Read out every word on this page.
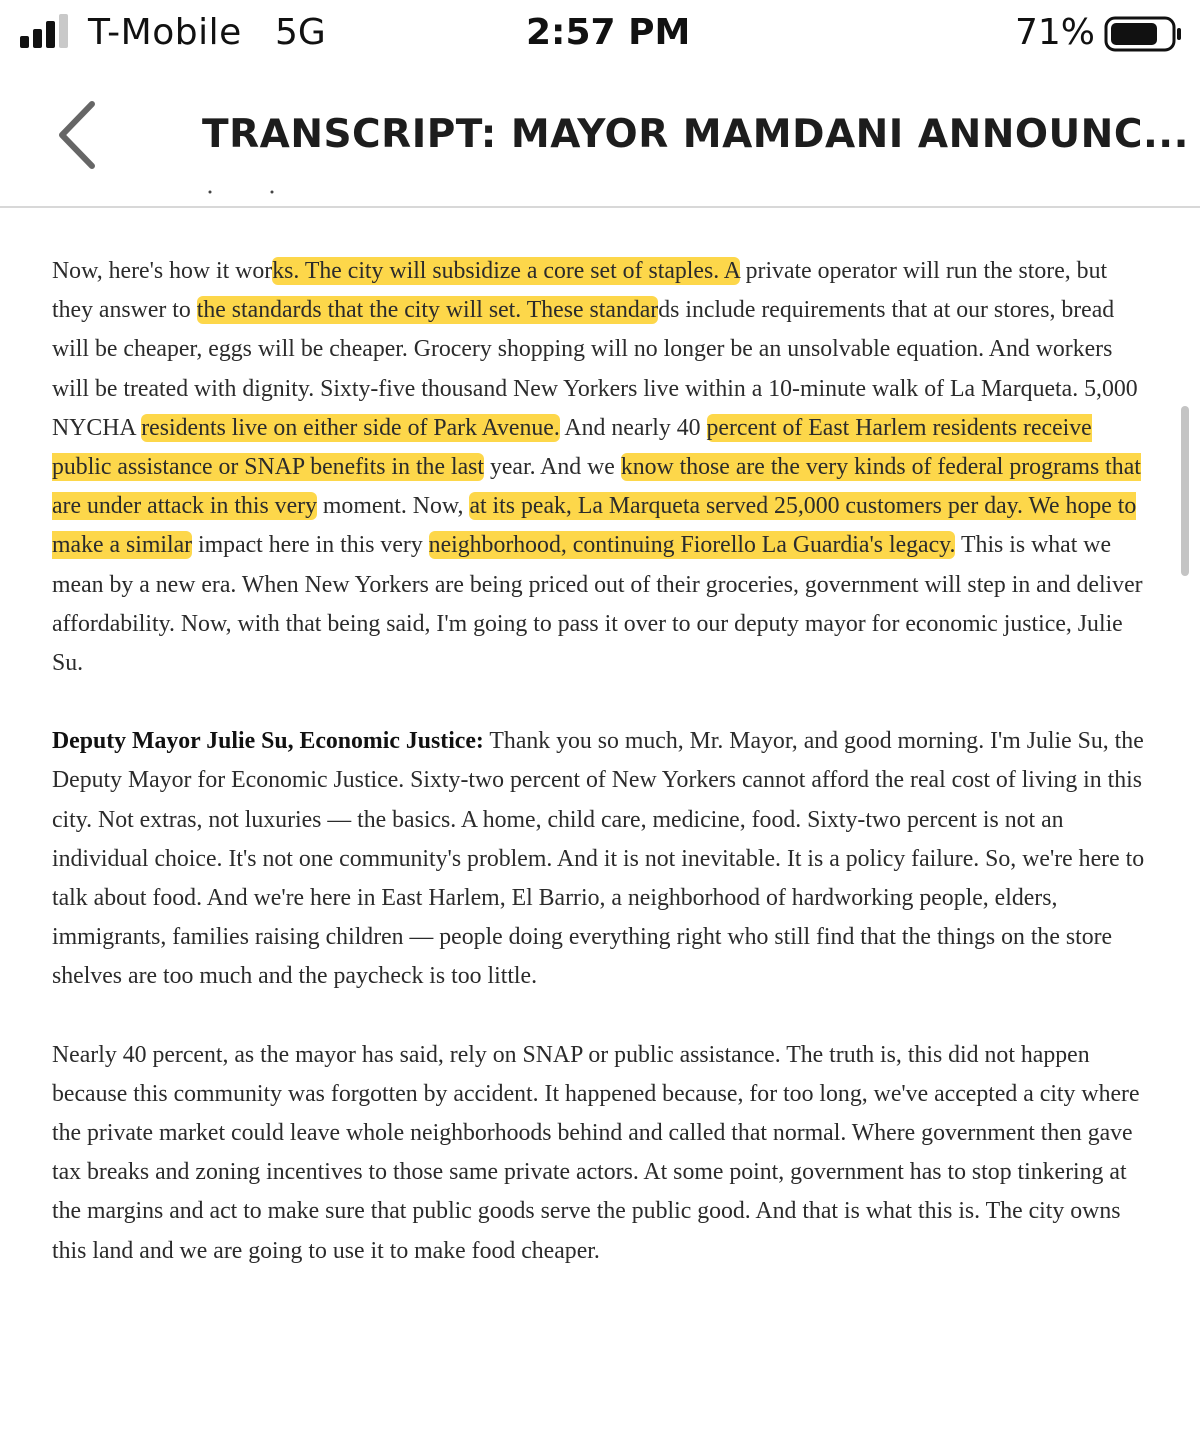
T-Mobile 5G	2:57 PM	71%
TRANSCRIPT: MAYOR MAMDANI ANNOUNC...

Now, here's how it works. The city will subsidize a core set of staples. A private operator will run the store, but they answer to the standards that the city will set. These standards include requirements that at our stores, bread will be cheaper, eggs will be cheaper. Grocery shopping will no longer be an unsolvable equation. And workers will be treated with dignity. Sixty-five thousand New Yorkers live within a 10-minute walk of La Marqueta. 5,000 NYCHA residents live on either side of Park Avenue. And nearly 40 percent of East Harlem residents receive public assistance or SNAP benefits in the last year. And we know those are the very kinds of federal programs that are under attack in this very moment. Now, at its peak, La Marqueta served 25,000 customers per day. We hope to make a similar impact here in this very neighborhood, continuing Fiorello La Guardia's legacy. This is what we mean by a new era. When New Yorkers are being priced out of their groceries, government will step in and deliver affordability. Now, with that being said, I'm going to pass it over to our deputy mayor for economic justice, Julie Su.

Deputy Mayor Julie Su, Economic Justice: Thank you so much, Mr. Mayor, and good morning. I'm Julie Su, the Deputy Mayor for Economic Justice. Sixty-two percent of New Yorkers cannot afford the real cost of living in this city. Not extras, not luxuries — the basics. A home, child care, medicine, food. Sixty-two percent is not an individual choice. It's not one community's problem. And it is not inevitable. It is a policy failure. So, we're here to talk about food. And we're here in East Harlem, El Barrio, a neighborhood of hardworking people, elders, immigrants, families raising children — people doing everything right who still find that the things on the store shelves are too much and the paycheck is too little.

Nearly 40 percent, as the mayor has said, rely on SNAP or public assistance. The truth is, this did not happen because this community was forgotten by accident. It happened because, for too long, we've accepted a city where the private market could leave whole neighborhoods behind and called that normal. Where government then gave tax breaks and zoning incentives to those same private actors. At some point, government has to stop tinkering at the margins and act to make sure that public goods serve the public good. And that is what this is. The city owns this land and we are going to use it to make food cheaper.
